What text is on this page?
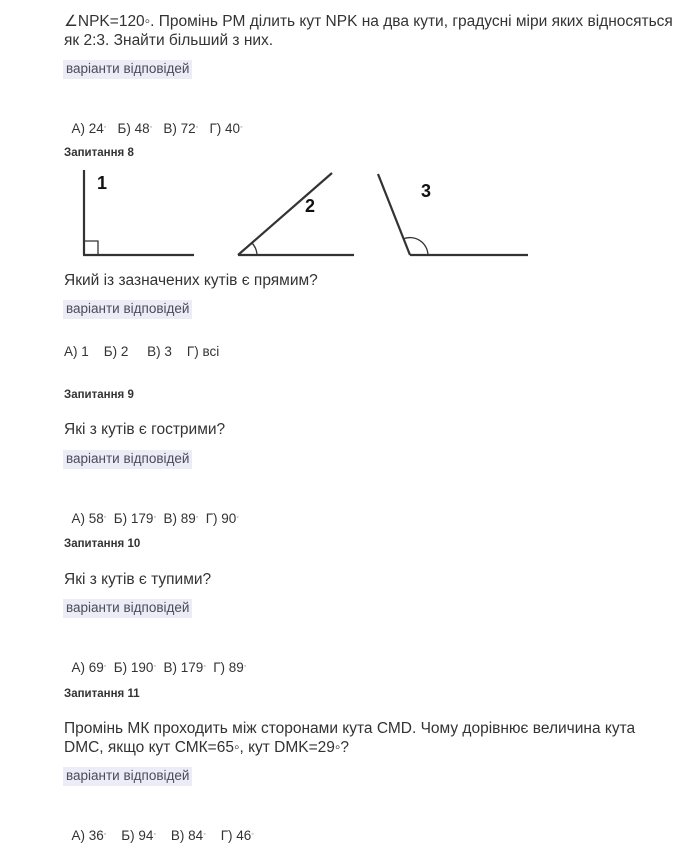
∠NPK=120◦. Промінь PM ділить кут NPK на два кути, градусні міри яких відносяться
як 2:3. Знайти більший з них.
варіанти відповідей

А) 24◦ Б) 48◦ В) 72◦ Г) 40◦

Запитання 8
1
2
3
Який із зазначених кутів є прямим?
варіанти відповідей
А) 1    Б) 2     В) 3    Г) всі
Запитання 9
Які з кутів є гострими?
варіанти відповідей

А) 58◦ Б) 179◦ В) 89◦ Г) 90◦

Запитання 10
Які з кутів є тупими?
варіанти відповідей

А) 69◦ Б) 190◦ В) 179◦ Г) 89◦

Запитання 11
Промінь МК проходить між сторонами кута СМD. Чому дорівнює величина кута
DMC, якщо кут СМК=65◦, кут DMK=29◦?
варіанти відповідей

А) 36◦ Б) 94◦ В) 84◦ Г) 46◦
